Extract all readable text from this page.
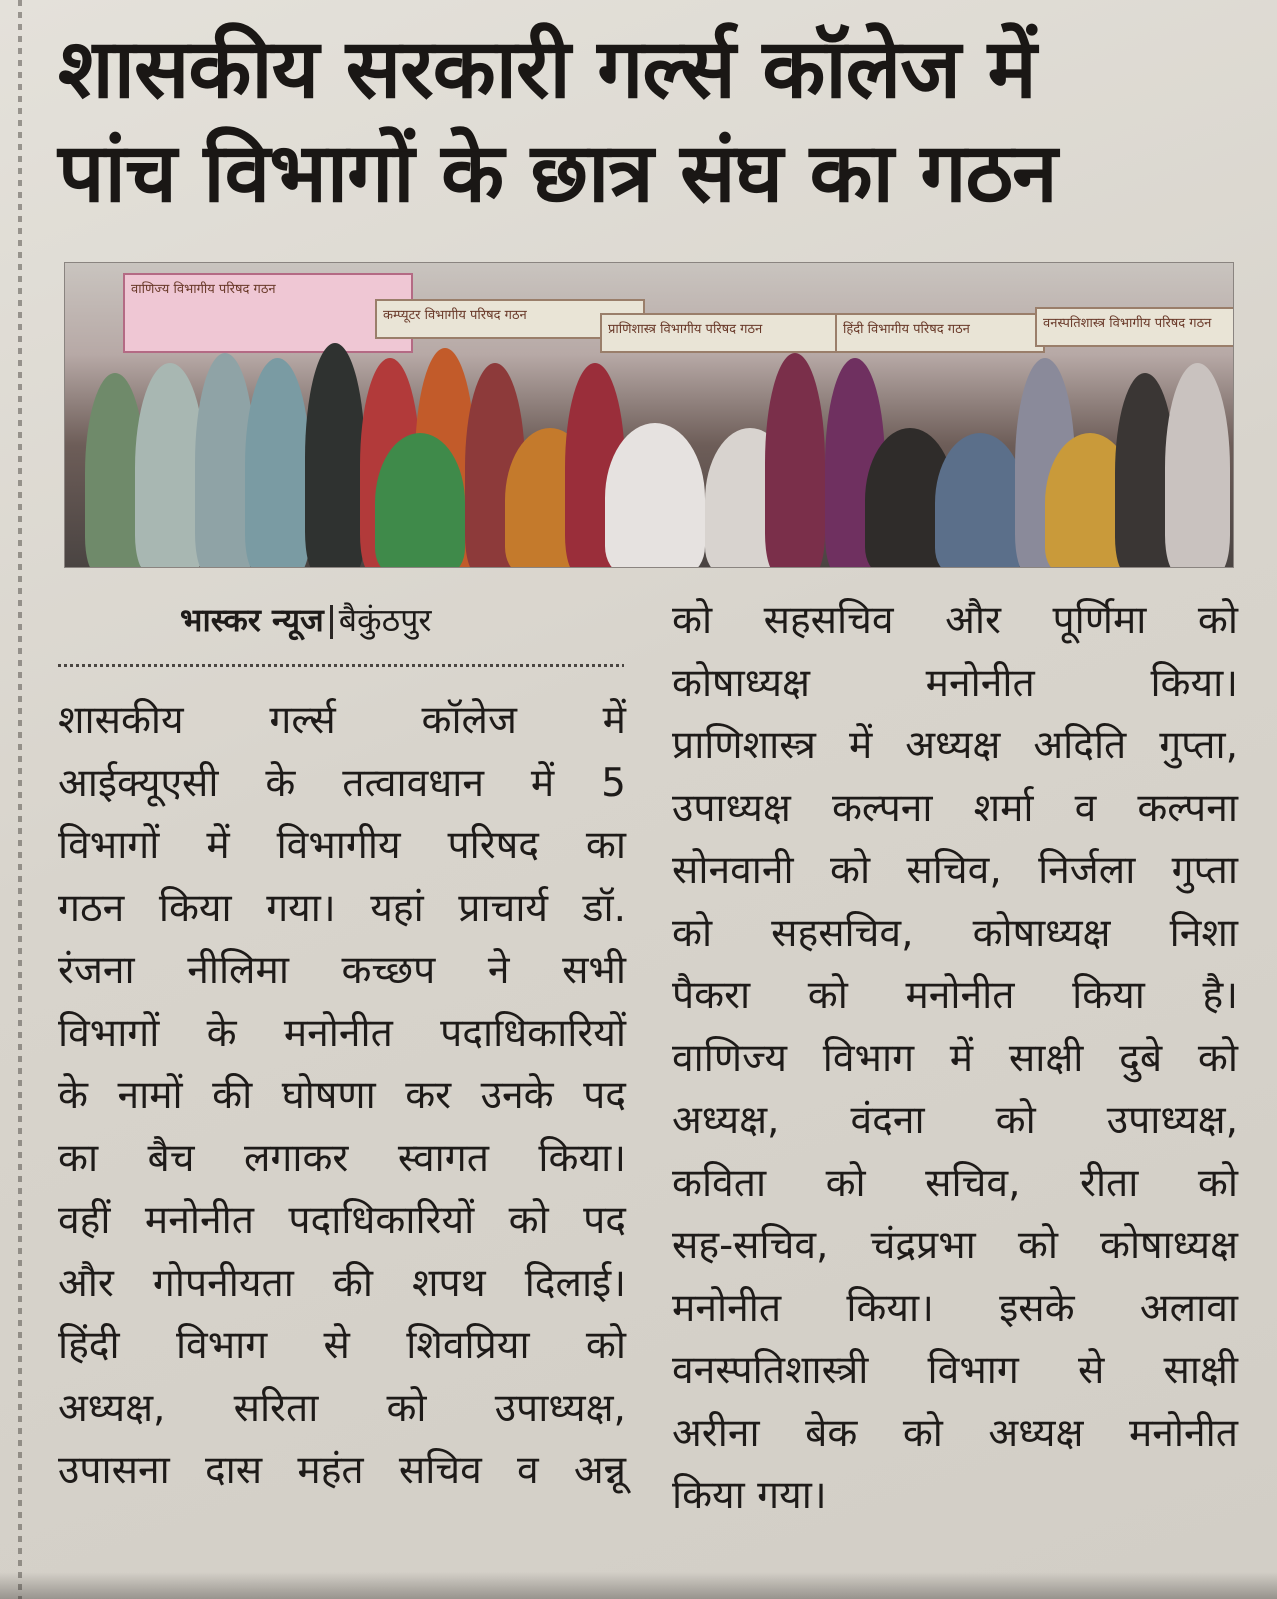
शासकीय सरकारी गर्ल्स कॉलेज में
पांच विभागों के छात्र संघ का गठन
वाणिज्य विभागीय परिषद गठन
कम्प्यूटर विभागीय परिषद गठन
प्राणिशास्त्र विभागीय परिषद गठन	हिंदी विभागीय परिषद गठन	वनस्पतिशास्त्र विभागीय परिषद गठन
भास्कर न्यूज बैकुंठपुर
शासकीय गर्ल्स कॉलेज में
आईक्यूएसी के तत्वावधान में 5
विभागों में विभागीय परिषद का
गठन किया गया। यहां प्राचार्य डॉ.
रंजना नीलिमा कच्छप ने सभी
विभागों के मनोनीत पदाधिकारियों
के नामों की घोषणा कर उनके पद
का बैच लगाकर स्वागत किया।
वहीं मनोनीत पदाधिकारियों को पद
और गोपनीयता की शपथ दिलाई।
हिंदी विभाग से शिवप्रिया को
अध्यक्ष, सरिता को उपाध्यक्ष,
उपासना दास महंत सचिव व अन्नू
को सहसचिव और पूर्णिमा को
कोषाध्यक्ष	मनोनीत	किया।
प्राणिशास्त्र में अध्यक्ष अदिति गुप्ता,
उपाध्यक्ष कल्पना शर्मा व कल्पना
सोनवानी को सचिव, निर्जला गुप्ता
को सहसचिव, कोषाध्यक्ष निशा
पैकरा को मनोनीत किया है।
वाणिज्य विभाग में साक्षी दुबे को
अध्यक्ष, वंदना को उपाध्यक्ष,
कविता को सचिव, रीता को
सह-सचिव, चंद्रप्रभा को कोषाध्यक्ष
मनोनीत किया। इसके अलावा
वनस्पतिशास्त्री विभाग से साक्षी
अरीना बेक को अध्यक्ष मनोनीत
किया गया।
